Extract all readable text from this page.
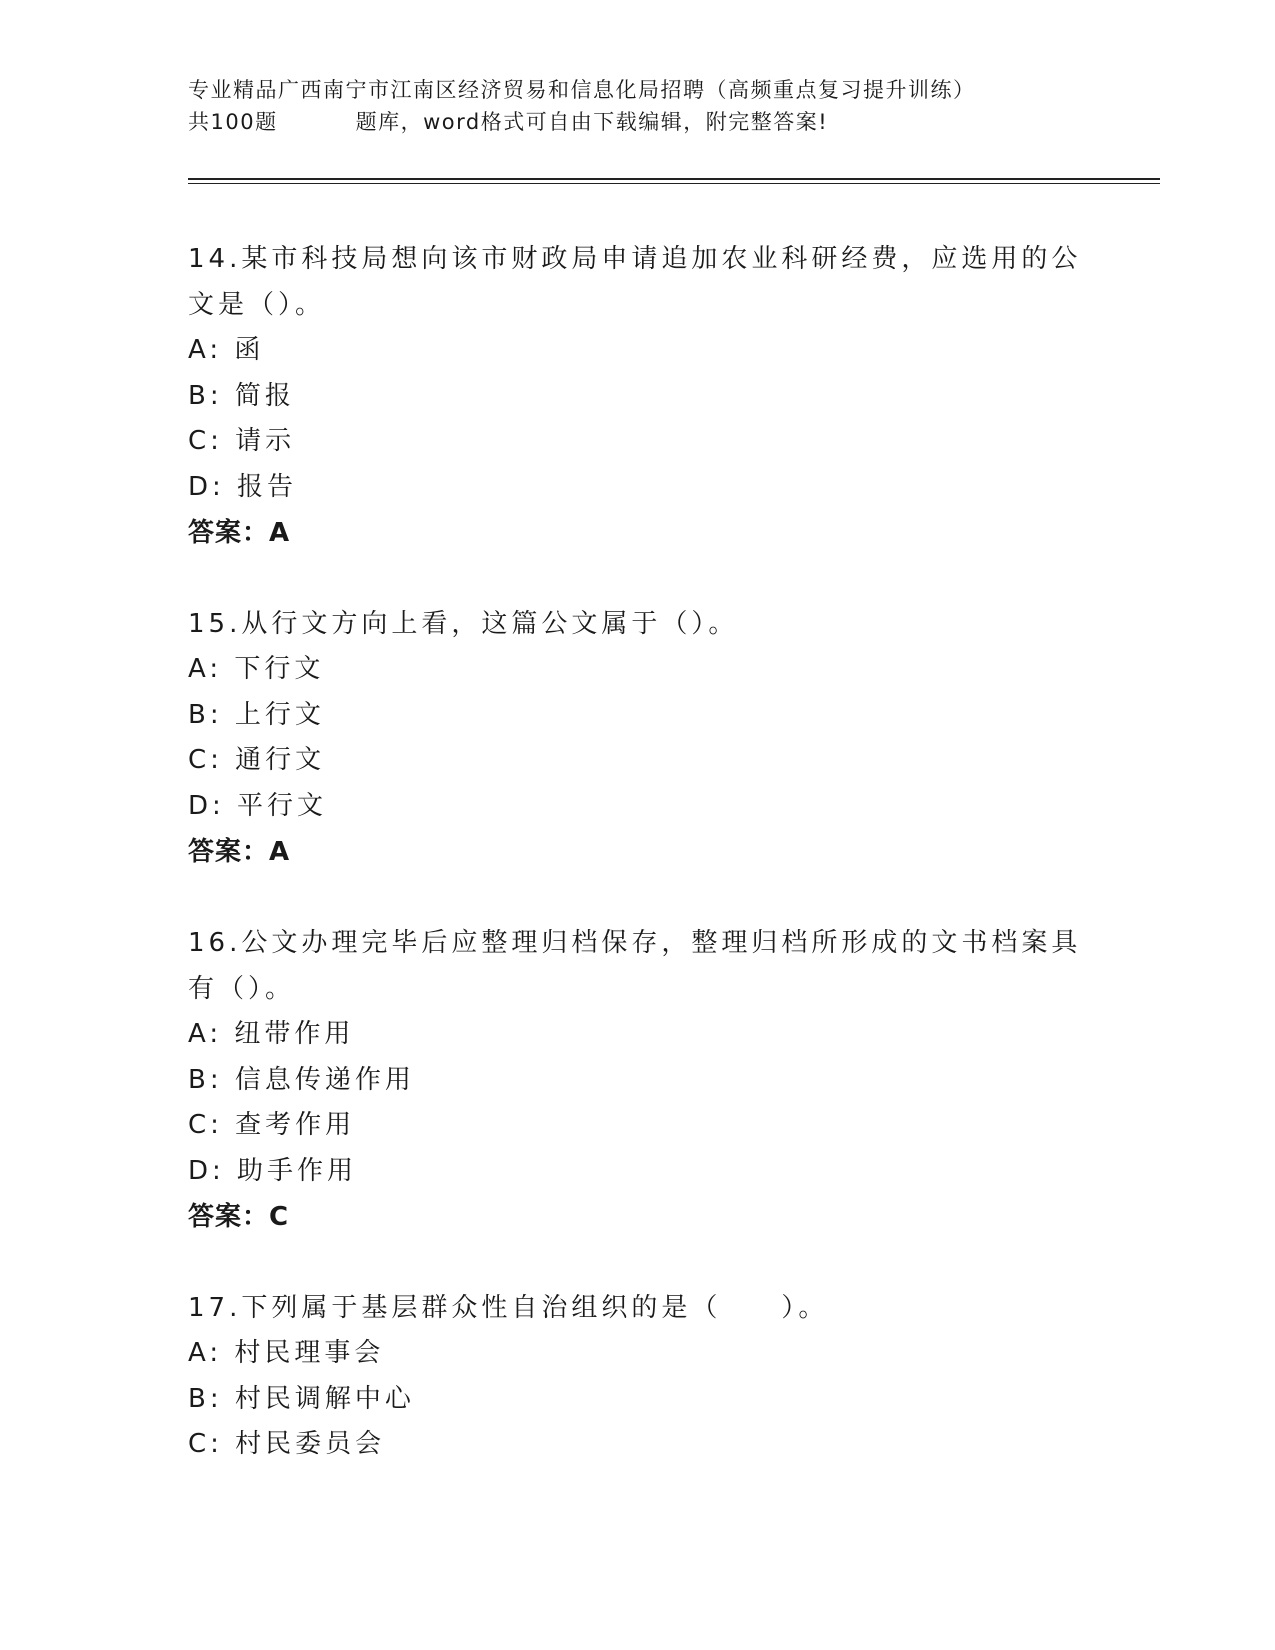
专业精品广西南宁市江南区经济贸易和信息化局招聘（高频重点复习提升训练）
共100题	题库，word格式可自由下载编辑，附完整答案!

14.某市科技局想向该市财政局申请追加农业科研经费，应选用的公文是（）。

A: 函

B: 简报

C: 请示

D: 报告

答案：A

15.从行文方向上看，这篇公文属于（）。

A: 下行文

B: 上行文

C: 通行文

D: 平行文

答案：A

16.公文办理完毕后应整理归档保存，整理归档所形成的文书档案具有（）。

A: 纽带作用

B: 信息传递作用

C: 查考作用

D: 助手作用

答案：C

17.下列属于基层群众性自治组织的是（　　）。

A: 村民理事会

B: 村民调解中心

C: 村民委员会
